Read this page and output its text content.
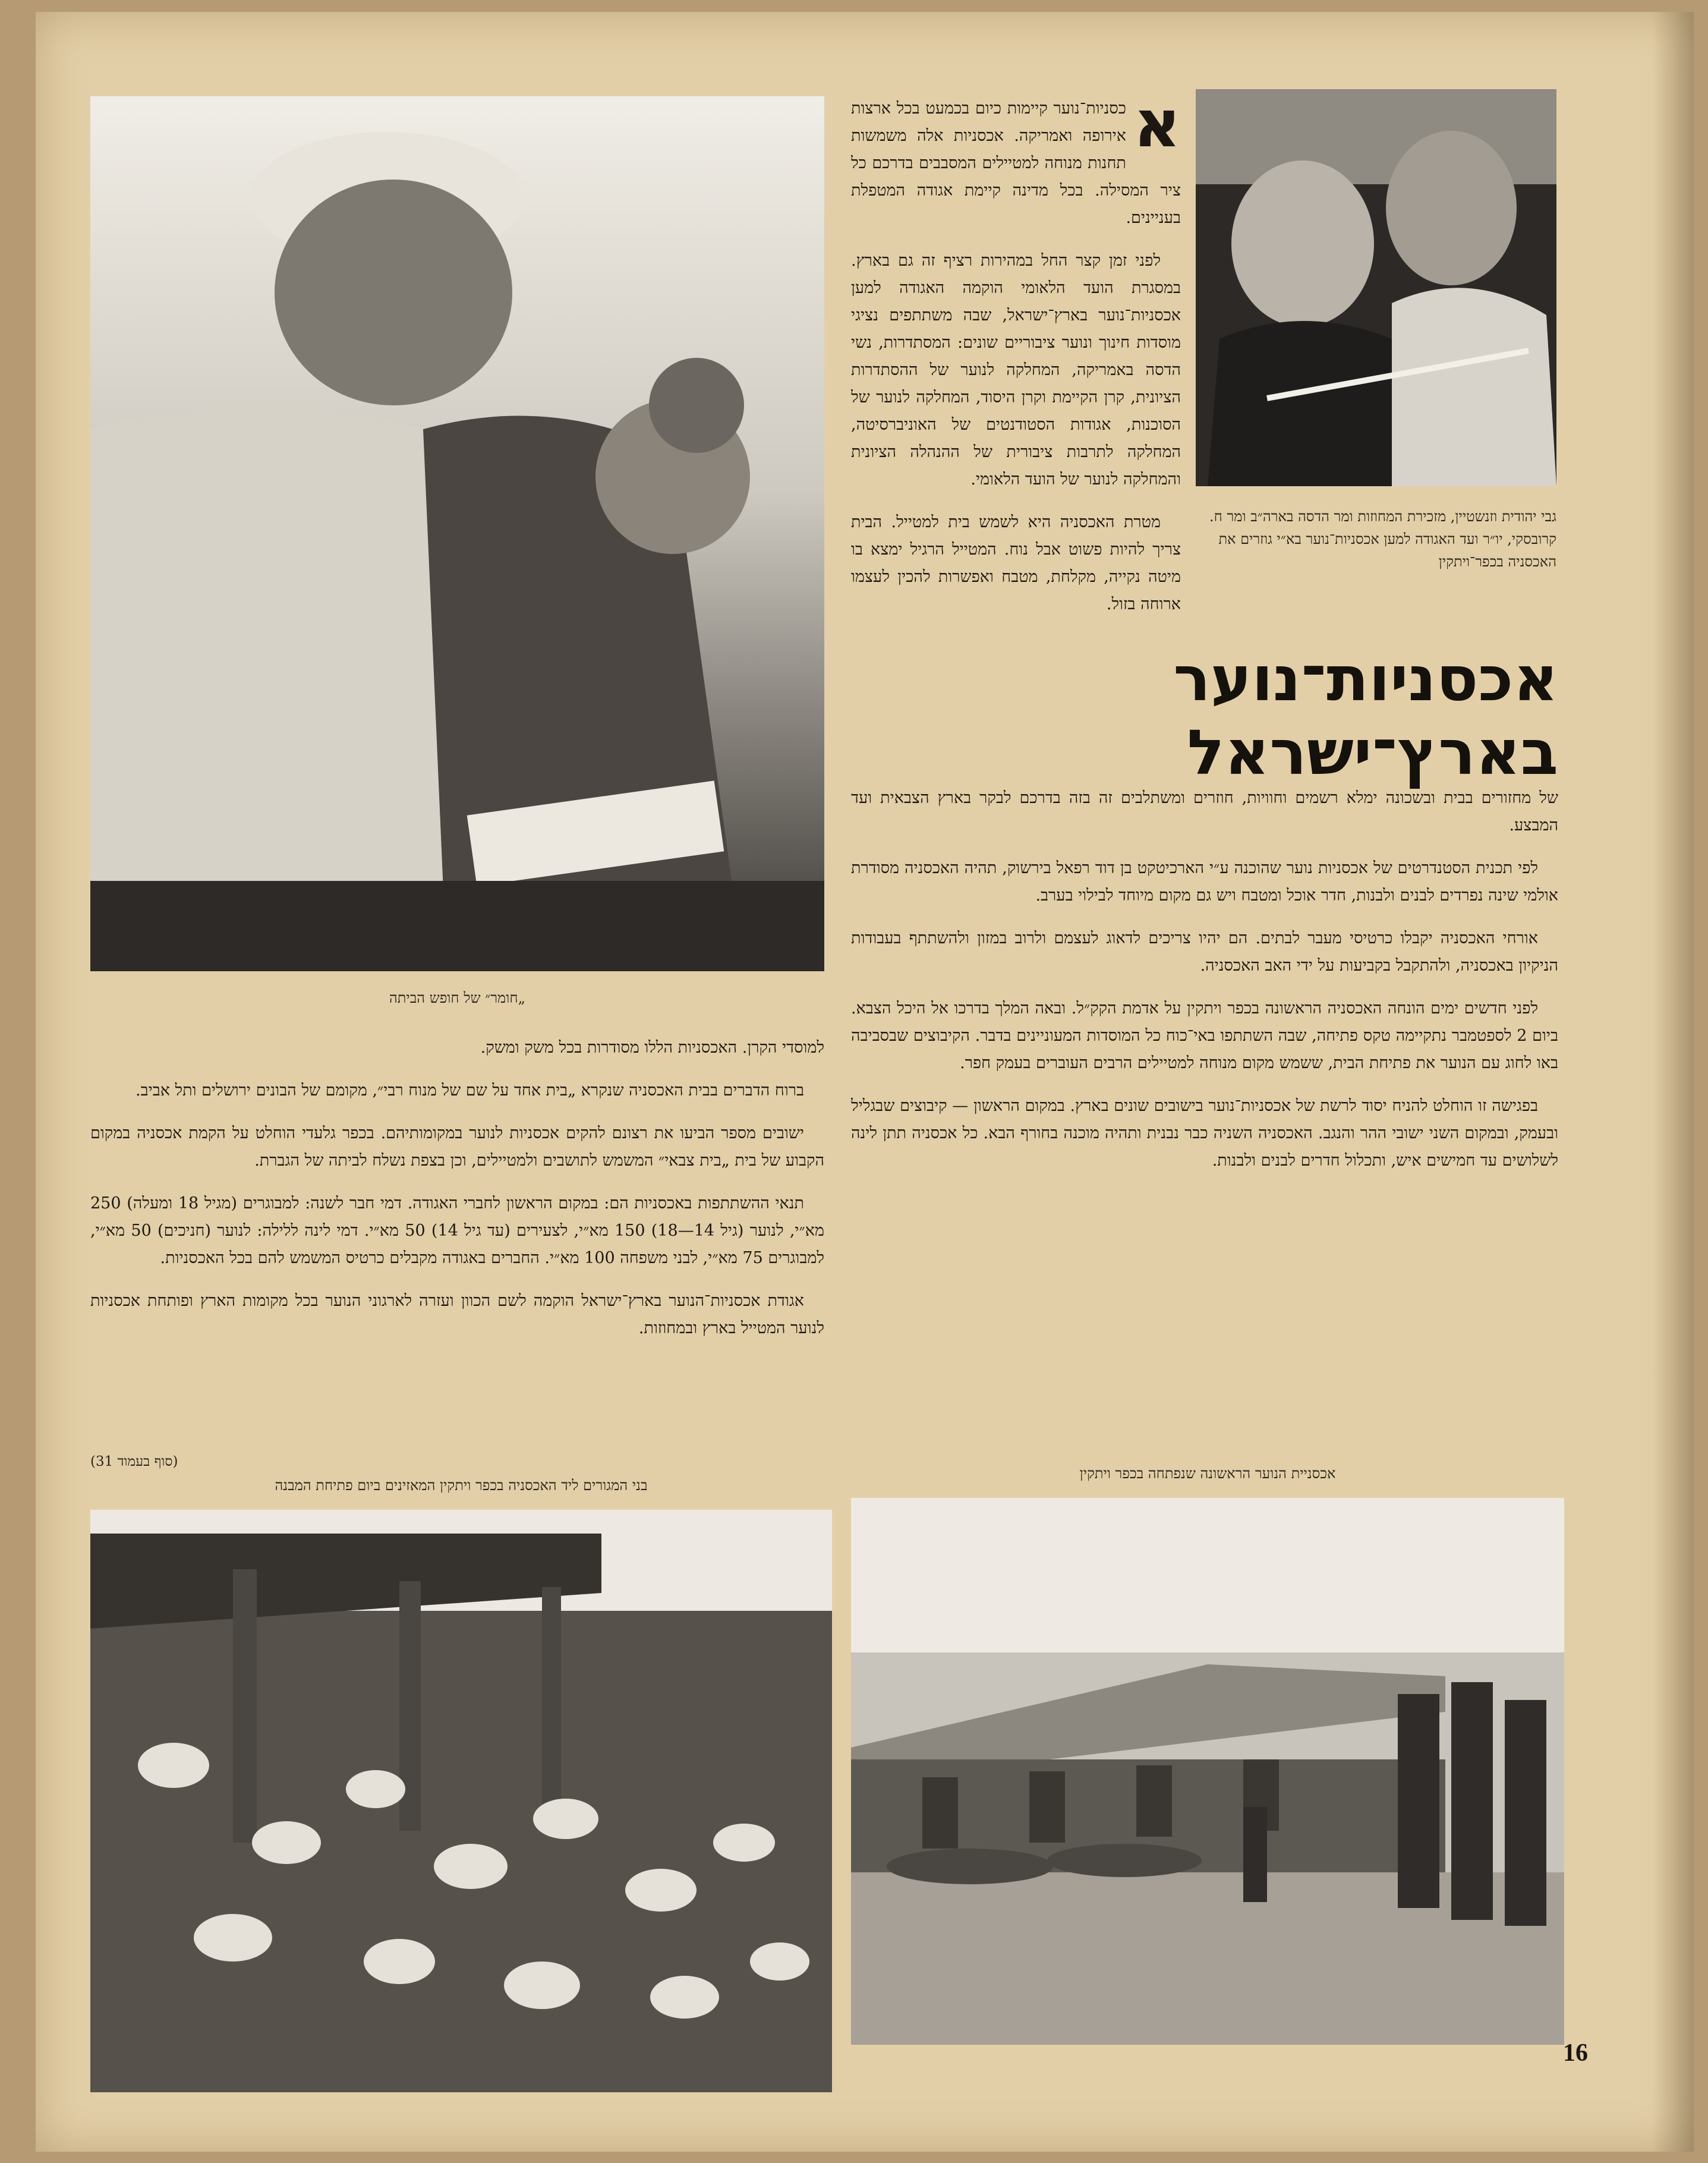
אכסניות־נוער
בארץ־ישראל
גבי יהודית וזנשטיין, מזכירת המחוזות ומר הדסה בארה״ב ומר ח. קרובסקי, יו״ר ועד האגודה למען אכסניות־נוער בא״י גוזרים את האכסניה בכפר־ויתקין
„חומר״ של חופש הביתה

א
כסניות־נוער קיימות כיום בכמעט בכל ארצות אירופה ואמריקה. אכסניות אלה משמשות תחנות מנוחה למטיילים המסבבים בדרכם כל ציר המסילה. בכל מדינה קיימת אגודה המטפלת בעניינים.

לפני זמן קצר החל במהירות רציף זה גם בארץ. במסגרת הועד הלאומי הוקמה האגודה למען אכסניות־נוער בארץ־ישראל, שבה משתתפים נציגי מוסדות חינוך ונוער ציבוריים שונים: המסתדרות, נשי הדסה באמריקה, המחלקה לנוער של ההסתדרות הציונית, קרן הקיימת וקרן היסוד, המחלקה לנוער של הסוכנות, אגודות הסטודנטים של האוניברסיטה, המחלקה לתרבות ציבורית של ההנהלה הציונית והמחלקה לנוער של הועד הלאומי.

מטרת האכסניה היא לשמש בית למטייל. הבית צריך להיות פשוט אבל נוח. המטייל הרגיל ימצא בו מיטה נקייה, מקלחת, מטבח ואפשרות להכין לעצמו ארוחה בזול.

של מחזורים בבית ובשכונה ימלא רשמים וחוויות, חוזרים ומשתלבים זה בזה בדרכם לבקר בארץ הצבאית ועד המבצע.

לפי תכנית הסטנדרטים של אכסניות נוער שהוכנה ע״י הארכיטקט בן דוד רפאל בירשוק, תהיה האכסניה מסודרת אולמי שינה נפרדים לבנים ולבנות, חדר אוכל ומטבח ויש גם מקום מיוחד לבילוי בערב.

אורחי האכסניה יקבלו כרטיסי מעבר לבתים. הם יהיו צריכים לדאוג לעצמם ולרוב במזון ולהשתתף בעבודות הניקיון באכסניה, ולהתקבל בקביעות על ידי האב האכסניה.

לפני חדשים ימים הונחה האכסניה הראשונה בכפר ויתקין על אדמת הקק״ל. ובאה המלך בדרכו אל היכל הצבא. ביום 2 לספטמבר נתקיימה טקס פתיחה, שבה השתתפו באי־כוח כל המוסדות המעוניינים בדבר. הקיבוצים שבסביבה באו לחוג עם הנוער את פתיחת הבית, ששמש מקום מנוחה למטיילים הרבים העוברים בעמק חפר.

בפגישה זו הוחלט להניח יסוד לרשת של אכסניות־נוער בישובים שונים בארץ. במקום הראשון — קיבוצים שבגליל ובעמק, ובמקום השני ישובי ההר והנגב. האכסניה השניה כבר נבנית ותהיה מוכנה בחורף הבא. כל אכסניה תתן לינה לשלושים עד חמישים איש, ותכלול חדרים לבנים ולבנות.

למוסדי הקרן. האכסניות הללו מסודרות בכל משק ומשק.

ברוח הדברים בבית האכסניה שנקרא „בית אחד על שם של מנוח רבי״, מקומם של הבונים ירושלים ותל אביב.

ישובים מספר הביעו את רצונם להקים אכסניות לנוער במקומותיהם. בכפר גלעדי הוחלט על הקמת אכסניה במקום הקבוע של בית „בית צבאי״ המשמש לתושבים ולמטיילים, וכן בצפת נשלח לביתה של הגברת.

תנאי ההשתתפות באכסניות הם: במקום הראשון לחברי האגודה. דמי חבר לשנה: למבוגרים (מגיל 18 ומעלה) 250 מא״י, לנוער (גיל 14—18) 150 מא״י, לצעירים (עד גיל 14) 50 מא״י. דמי לינה ללילה: לנוער (חניכים) 50 מא״י, למבוגרים 75 מא״י, לבני משפחה 100 מא״י. החברים באגודה מקבלים כרטיס המשמש להם בכל האכסניות.

אגודת אכסניות־הנוער בארץ־ישראל הוקמה לשם הכוון ועזרה לארגוני הנוער בכל מקומות הארץ ופותחת אכסניות לנוער המטייל בארץ ובמחוזות.

(סוף בעמוד 31)
בני המגורים ליד האכסניה בכפר ויתקין המאזינים ביום פתיחת המבנה
אכסניית הנוער הראשונה שנפתחה בכפר ויתקין
16
